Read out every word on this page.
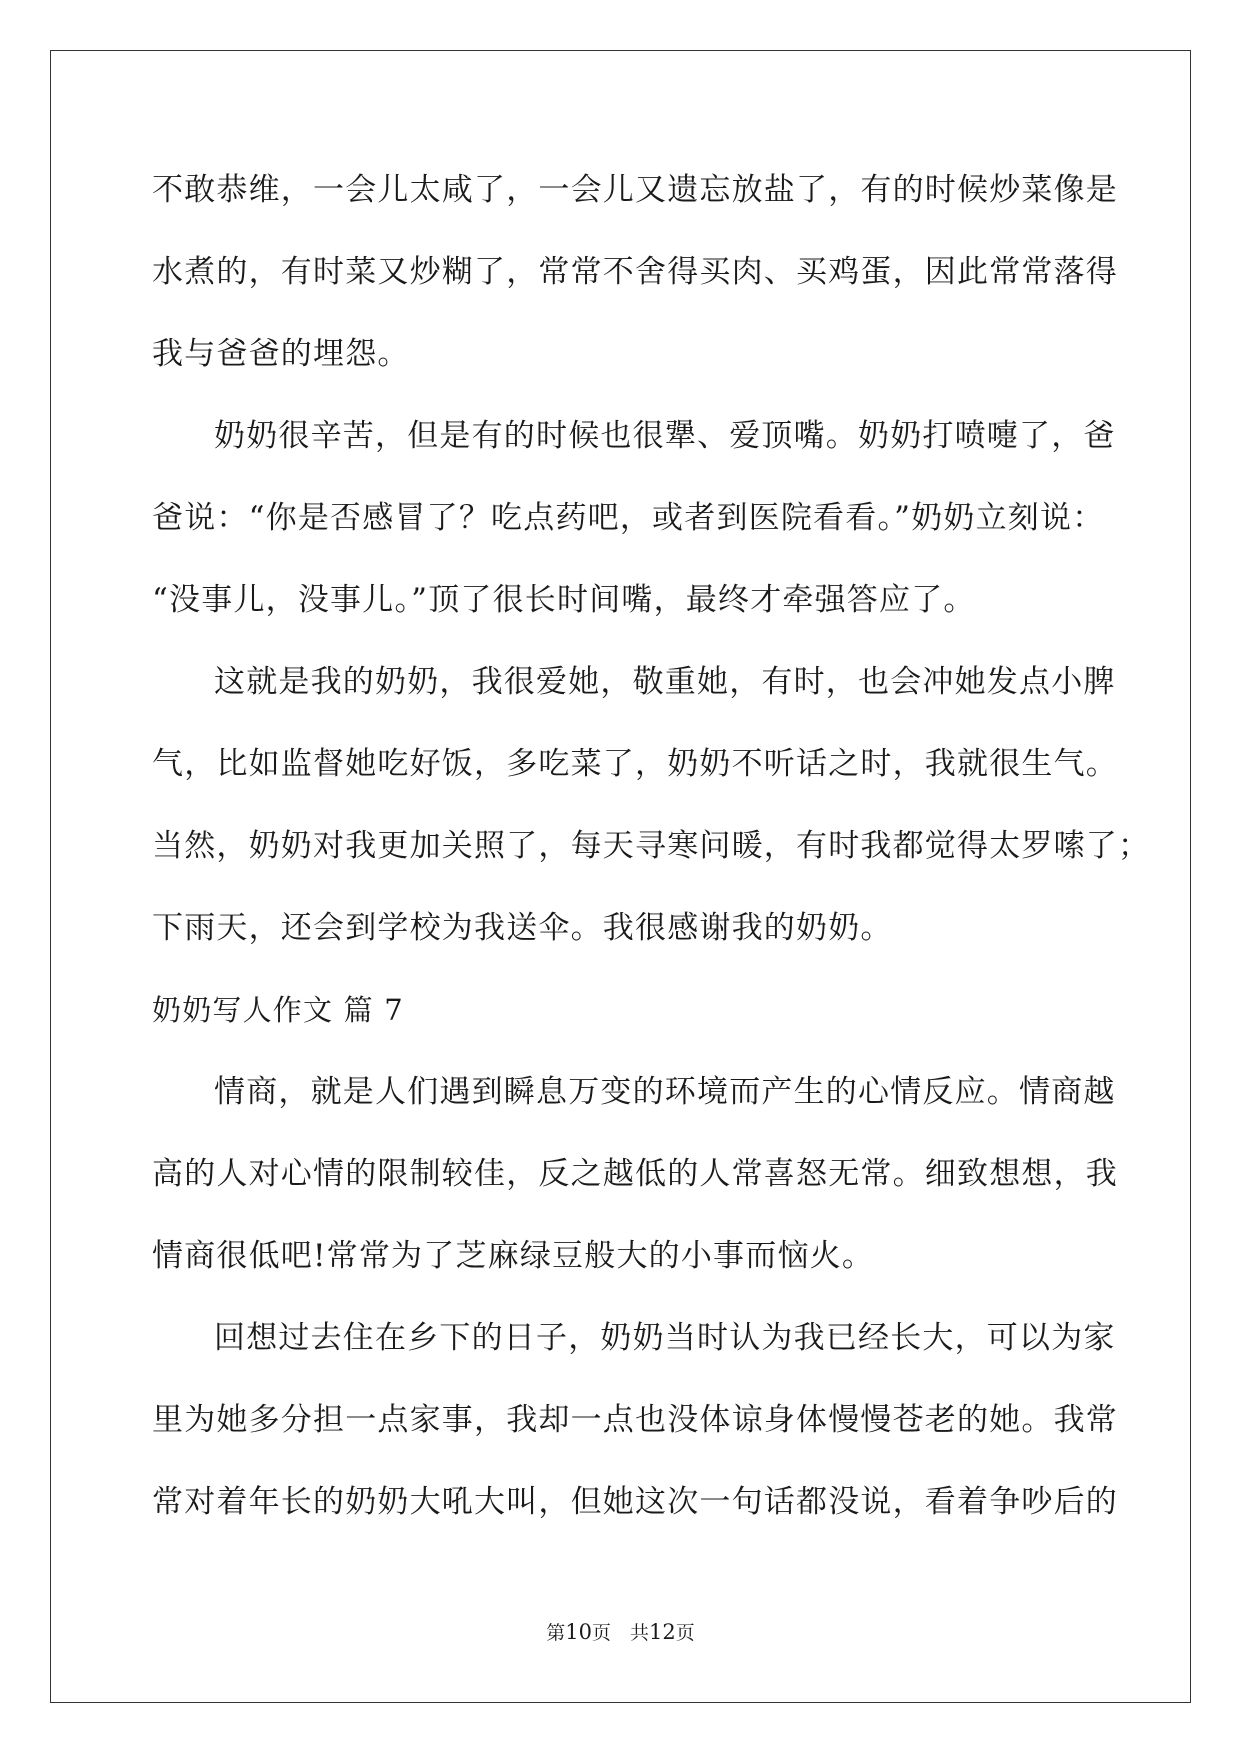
不敢恭维，一会儿太咸了，一会儿又遗忘放盐了，有的时候炒菜像是
水煮的，有时菜又炒糊了，常常不舍得买肉、买鸡蛋，因此常常落得
我与爸爸的埋怨。
奶奶很辛苦，但是有的时候也很犟、爱顶嘴。奶奶打喷嚏了，爸
爸说：“你是否感冒了？吃点药吧，或者到医院看看。”奶奶立刻说：
“没事儿，没事儿。”顶了很长时间嘴，最终才牵强答应了。
这就是我的奶奶，我很爱她，敬重她，有时，也会冲她发点小脾
气，比如监督她吃好饭，多吃菜了，奶奶不听话之时，我就很生气。
当然，奶奶对我更加关照了，每天寻寒问暖，有时我都觉得太罗嗦了；
下雨天，还会到学校为我送伞。我很感谢我的奶奶。
奶奶写人作文 篇 7
情商，就是人们遇到瞬息万变的环境而产生的心情反应。情商越
高的人对心情的限制较佳，反之越低的人常喜怒无常。细致想想，我
情商很低吧!常常为了芝麻绿豆般大的小事而恼火。
回想过去住在乡下的日子，奶奶当时认为我已经长大，可以为家
里为她多分担一点家事，我却一点也没体谅身体慢慢苍老的她。我常
常对着年长的奶奶大吼大叫，但她这次一句话都没说，看着争吵后的
第10页　共12页
